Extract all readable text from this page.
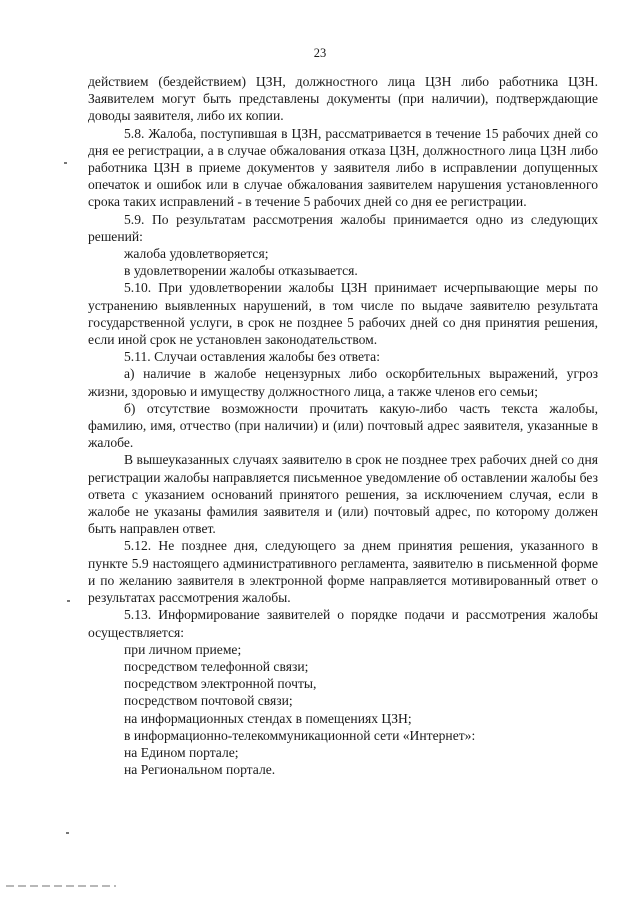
23

действием (бездействием) ЦЗН, должностного лица ЦЗН либо работника ЦЗН. Заявителем могут быть представлены документы (при наличии), подтверждающие доводы заявителя, либо их копии.

5.8. Жалоба, поступившая в ЦЗН, рассматривается в течение 15 рабочих дней со дня ее регистрации, а в случае обжалования отказа ЦЗН, должностного лица ЦЗН либо работника ЦЗН в приеме документов у заявителя либо в исправлении допущенных опечаток и ошибок или в случае обжалования заявителем нарушения установленного срока таких исправлений - в течение 5 рабочих дней со дня ее регистрации.

5.9. По результатам рассмотрения жалобы принимается одно из следующих решений:

жалоба удовлетворяется;

в удовлетворении жалобы отказывается.

5.10. При удовлетворении жалобы ЦЗН принимает исчерпывающие меры по устранению выявленных нарушений, в том числе по выдаче заявителю результата государственной услуги, в срок не позднее 5 рабочих дней со дня принятия решения, если иной срок не установлен законодательством.

5.11. Случаи оставления жалобы без ответа:

а) наличие в жалобе нецензурных либо оскорбительных выражений, угроз жизни, здоровью и имуществу должностного лица, а также членов его семьи;

б) отсутствие возможности прочитать какую-либо часть текста жалобы, фамилию, имя, отчество (при наличии) и (или) почтовый адрес заявителя, указанные в жалобе.

В вышеуказанных случаях заявителю в срок не позднее трех рабочих дней со дня регистрации жалобы направляется письменное уведомление об оставлении жалобы без ответа с указанием оснований принятого решения, за исключением случая, если в жалобе не указаны фамилия заявителя и (или) почтовый адрес, по которому должен быть направлен ответ.

5.12. Не позднее дня, следующего за днем принятия решения, указанного в пункте 5.9 настоящего административного регламента, заявителю в письменной форме и по желанию заявителя в электронной форме направляется мотивированный ответ о результатах рассмотрения жалобы.

5.13. Информирование заявителей о порядке подачи и рассмотрения жалобы осуществляется:

при личном приеме;

посредством телефонной связи;

посредством электронной почты,

посредством почтовой связи;

на информационных стендах в помещениях ЦЗН;

в информационно-телекоммуникационной сети «Интернет»:

на Едином портале;

на Региональном портале.
